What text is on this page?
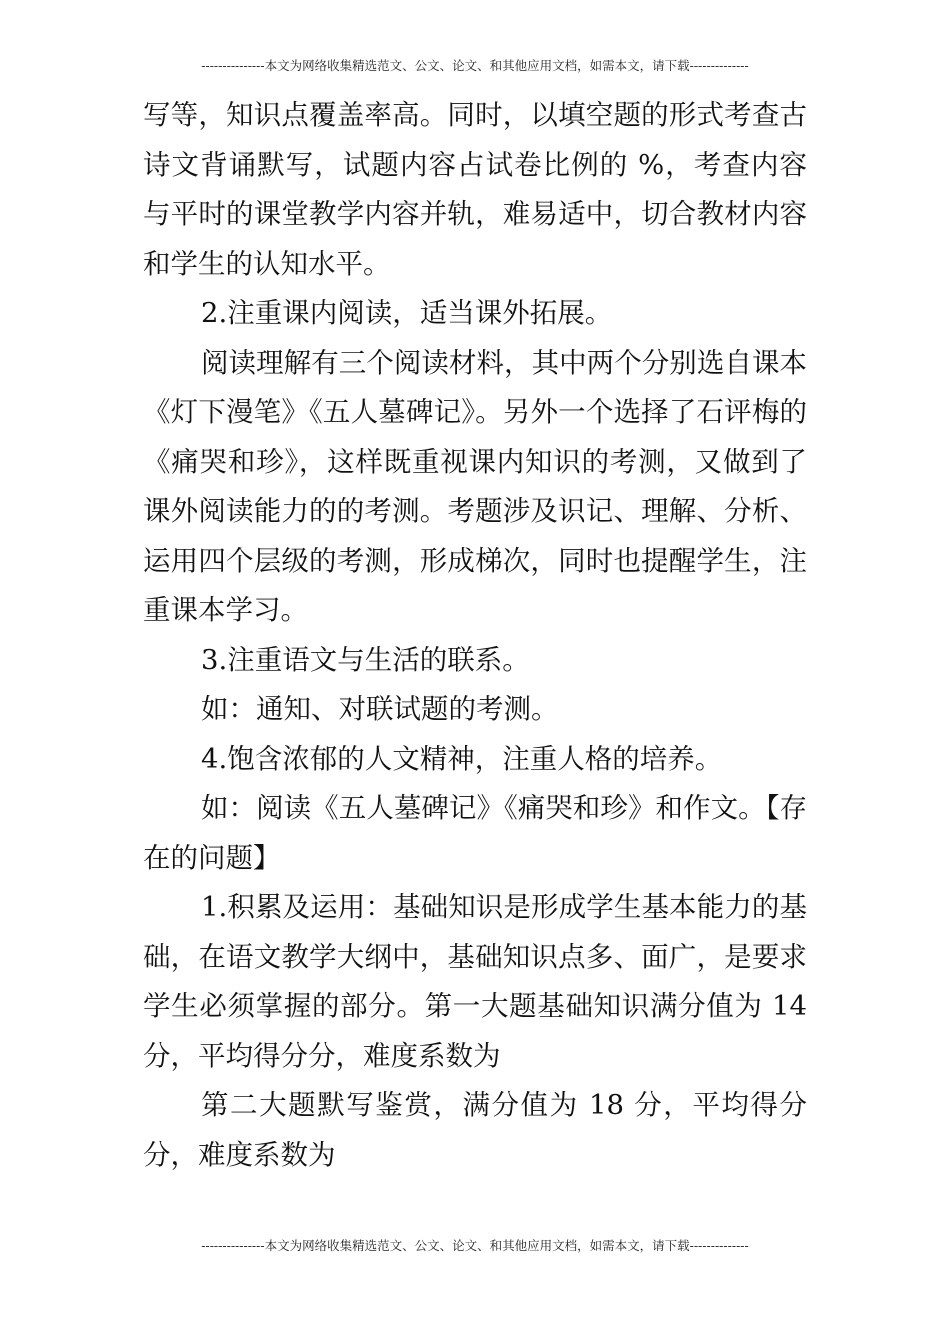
---------------本文为网络收集精选范文、公文、论文、和其他应用文档，如需本文，请下载--------------

写等，知识点覆盖率高。同时，以填空题的形式考查古诗文背诵默写，试题内容占试卷比例的 %，考查内容与平时的课堂教学内容并轨，难易适中，切合教材内容和学生的认知水平。

2.注重课内阅读，适当课外拓展。

阅读理解有三个阅读材料，其中两个分别选自课本《灯下漫笔》《五人墓碑记》。另外一个选择了石评梅的《痛哭和珍》，这样既重视课内知识的考测，又做到了课外阅读能力的的考测。考题涉及识记、理解、分析、运用四个层级的考测，形成梯次，同时也提醒学生，注重课本学习。

3.注重语文与生活的联系。

如：通知、对联试题的考测。

4.饱含浓郁的人文精神，注重人格的培养。

如：阅读《五人墓碑记》《痛哭和珍》和作文。【存在的问题】

1.积累及运用：基础知识是形成学生基本能力的基础，在语文教学大纲中，基础知识点多、面广，是要求学生必须掌握的部分。第一大题基础知识满分值为 14 分，平均得分分，难度系数为

第二大题默写鉴赏，满分值为 18 分，平均得分分，难度系数为

---------------本文为网络收集精选范文、公文、论文、和其他应用文档，如需本文，请下载--------------
